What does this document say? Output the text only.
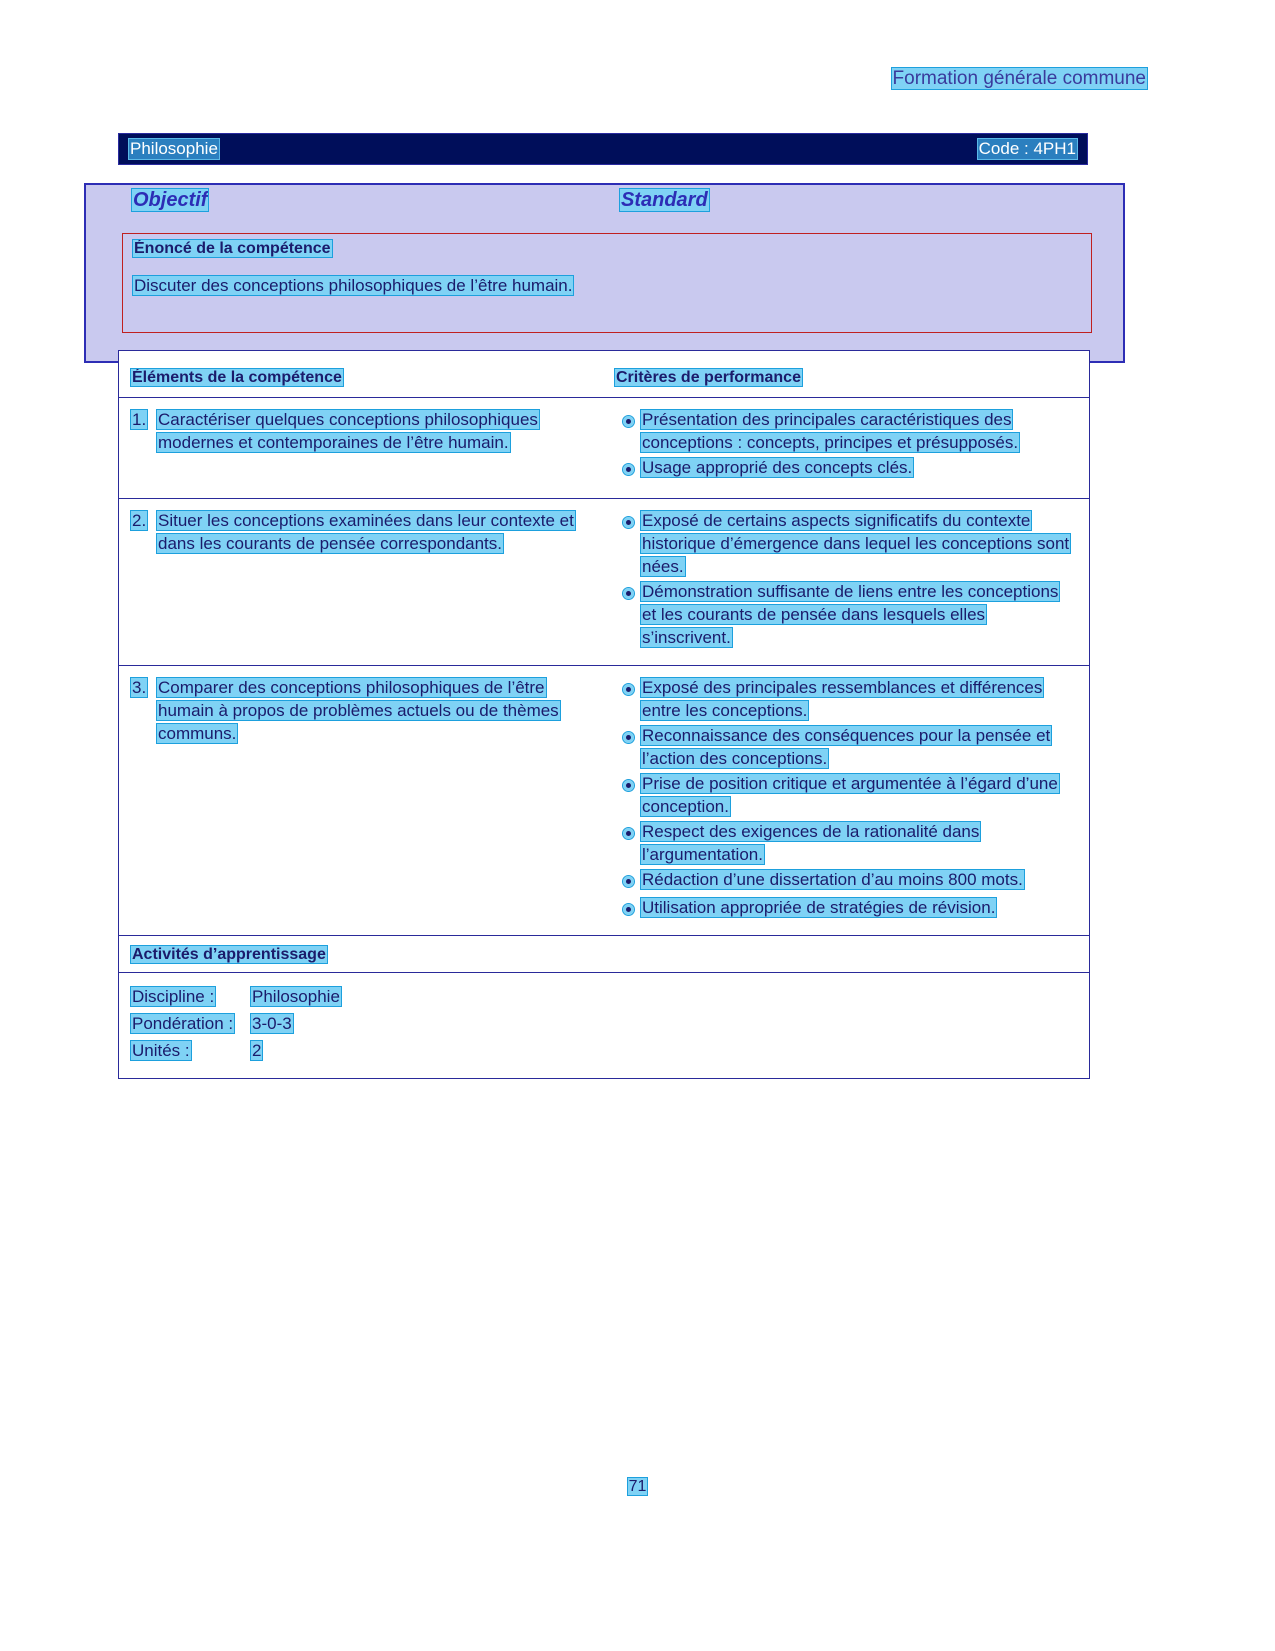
Formation générale commune
Philosophie	Code : 4PH1
Objectif	Standard
Énoncé de la compétence
Discuter des conceptions philosophiques de l’être humain.
Éléments de la compétence	Critères de performance
1. Caractériser quelques conceptions philosophiques modernes et contemporaines de l’être humain.
Présentation des principales caractéristiques des conceptions : concepts, principes et présupposés.
Usage approprié des concepts clés.
2. Situer les conceptions examinées dans leur contexte et dans les courants de pensée correspondants.
Exposé de certains aspects significatifs du contexte historique d’émergence dans lequel les conceptions sont nées.
Démonstration suffisante de liens entre les conceptions et les courants de pensée dans lesquels elles s’inscrivent.
3. Comparer des conceptions philosophiques de l’être humain à propos de problèmes actuels ou de thèmes communs.
Exposé des principales ressemblances et différences entre les conceptions.
Reconnaissance des conséquences pour la pensée et l’action des conceptions.
Prise de position critique et argumentée à l’égard d’une conception.
Respect des exigences de la rationalité dans l’argumentation.
Rédaction d’une dissertation d’au moins 800 mots.
Utilisation appropriée de stratégies de révision.
Activités d’apprentissage
Discipline :	Philosophie
Pondération :	3-0-3
Unités :	2
71
